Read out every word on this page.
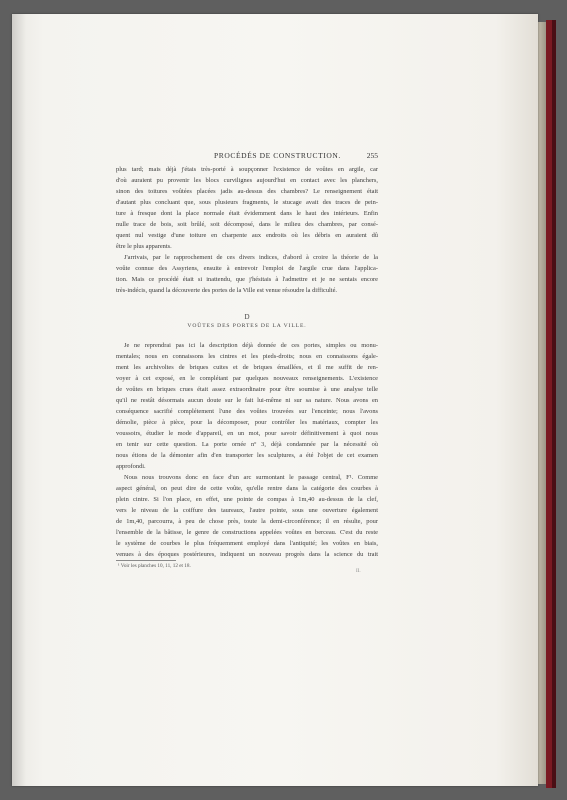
PROCÉDÉS DE CONSTRUCTION.	255
plus tard; mais déjà j'étais très-porté à soupçonner l'existence de voûtes en argile, car
d'où auraient pu provenir les blocs curvilignes aujourd'hui en contact avec les planchers,
sinon des toitures voûtées placées jadis au-dessus des chambres? Le renseignement était
d'autant plus concluant que, sous plusieurs fragments, le stucage avait des traces de pein-
ture à fresque dont la place normale était évidemment dans le haut des intérieurs. Enfin
nulle trace de bois, soit brûlé, soit décomposé, dans le milieu des chambres, par consé-
quent nul vestige d'une toiture en charpente aux endroits où les débris en auraient dû
être le plus apparents.
J'arrivais, par le rapprochement de ces divers indices, d'abord à croire la théorie de la
voûte connue des Assyriens, ensuite à entrevoir l'emploi de l'argile crue dans l'applica-
tion. Mais ce procédé était si inattendu, que j'hésitais à l'admettre et je ne sentais encore
très-indécis, quand la découverte des portes de la Ville est venue résoudre la difficulté.
D
VOÛTES DES PORTES DE LA VILLE.
Je ne reprendrai pas ici la description déjà donnée de ces portes, simples ou monu-
mentales; nous en connaissons les cintres et les pieds-droits; nous en connaissons égale-
ment les archivoltes de briques cuites et de briques émaillées, et il me suffit de ren-
voyer à cet exposé, en le complétant par quelques nouveaux renseignements. L'existence
de voûtes en briques crues était assez extraordinaire pour être soumise à une analyse telle
qu'il ne restât désormais aucun doute sur le fait lui-même ni sur sa nature. Nous avons en
conséquence sacrifié complétement l'une des voûtes trouvées sur l'enceinte; nous l'avons
démolie, pièce à pièce, pour la décomposer, pour contrôler les matériaux, compter les
voussoirs, étudier le mode d'appareil, en un mot, pour savoir définitivement à quoi nous
en tenir sur cette question. La porte ornée nº 3, déjà condamnée par la nécessité où
nous étions de la démonter afin d'en transporter les sculptures, a été l'objet de cet examen
approfondi.
Nous nous trouvons donc en face d'un arc surmontant le passage central, F¹. Comme
aspect général, on peut dire de cette voûte, qu'elle rentre dans la catégorie des courbes à
plein cintre. Si l'on place, en effet, une pointe de compas à 1m,40 au-dessus de la clef,
vers le niveau de la coiffure des taureaux, l'autre pointe, sous une ouverture également
de 1m,40, parcourra, à peu de chose près, toute la demi-circonférence; il en résulte, pour
l'ensemble de la bâtisse, le genre de constructions appelées voûtes en berceau. C'est du reste
le système de courbes le plus fréquemment employé dans l'antiquité; les voûtes en biais,
venues à des époques postérieures, indiquent un nouveau progrès dans la science du trait
¹ Voir les planches 10, 11, 12 et 18.
II.
